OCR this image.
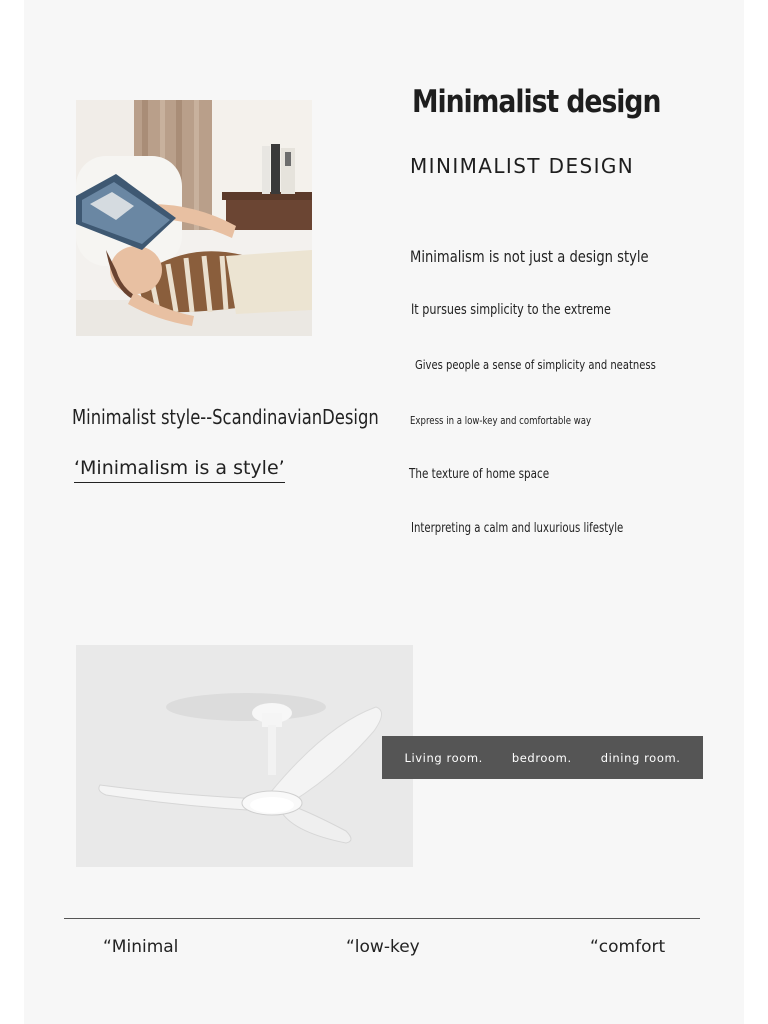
Minimalist design
MINIMALIST DESIGN
Minimalism is not just a design style
It pursues simplicity to the extreme
Gives people a sense of simplicity and neatness
Express in a low-key and comfortable way
The texture of home space
Interpreting a calm and luxurious lifestyle
Minimalist style--ScandinavianDesign
‘Minimalism is a style’
Living room.	bedroom.	dining room.
“Minimal	“low-key	“comfort
